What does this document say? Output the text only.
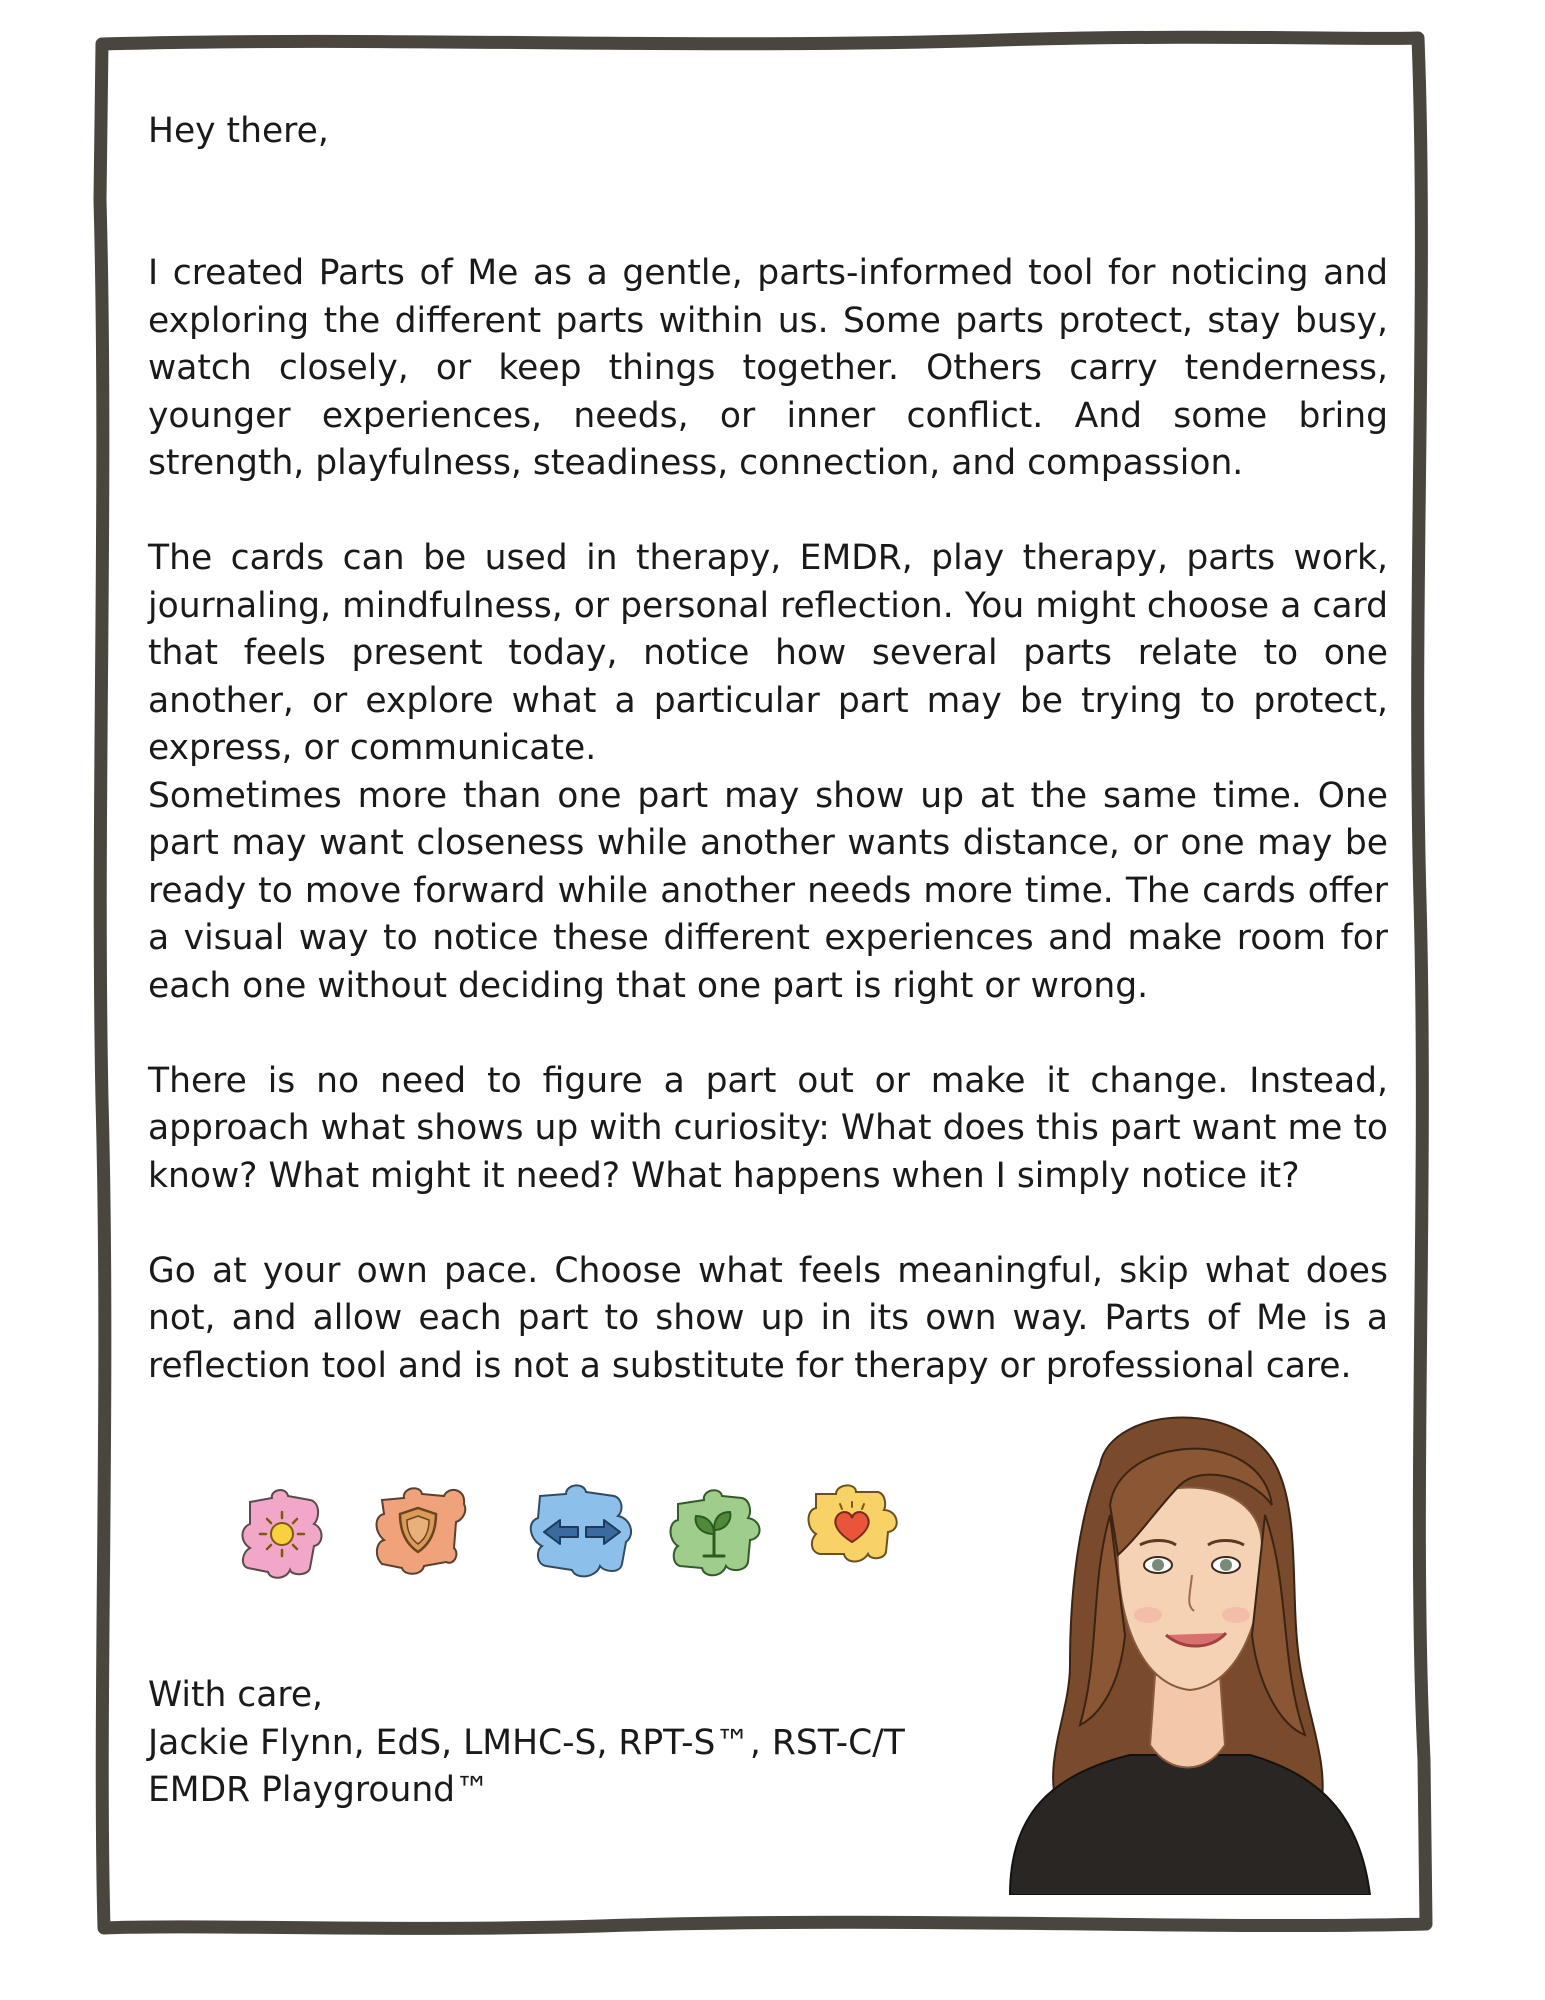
Hey there,

I created Parts of Me as a gentle, parts-informed tool for noticing and exploring the different parts within us. Some parts protect, stay busy, watch closely, or keep things together. Others carry tenderness, younger experiences, needs, or inner conflict. And some bring strength, playfulness, steadiness, connection, and compassion.

The cards can be used in therapy, EMDR, play therapy, parts work, journaling, mindfulness, or personal reflection. You might choose a card that feels present today, notice how several parts relate to one another, or explore what a particular part may be trying to protect, express, or communicate.

Sometimes more than one part may show up at the same time. One part may want closeness while another wants distance, or one may be ready to move forward while another needs more time. The cards offer a visual way to notice these different experiences and make room for each one without deciding that one part is right or wrong.

There is no need to figure a part out or make it change. Instead, approach what shows up with curiosity: What does this part want me to know? What might it need? What happens when I simply notice it?

Go at your own pace. Choose what feels meaningful, skip what does not, and allow each part to show up in its own way. Parts of Me is a reflection tool and is not a substitute for therapy or professional care.

With care,
Jackie Flynn, EdS, LMHC-S, RPT-S™, RST-C/T
EMDR Playground™
